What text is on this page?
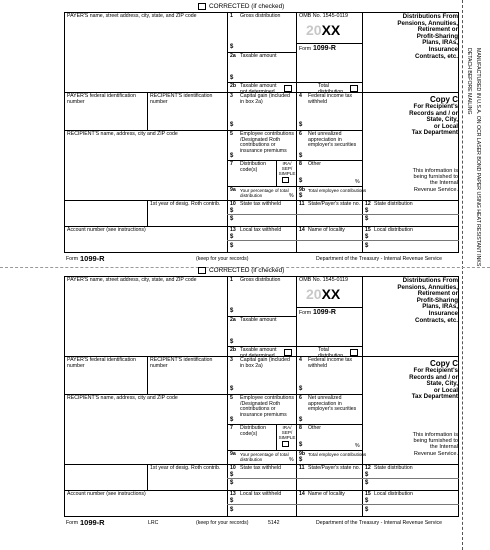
DETACH BEFORE MAILING MANUFACTURED IN U.S.A. ON OCR LASER BOND PAPER USING HEAT RESISTANT INKS
CORRECTED (if checked)
PAYER'S name, street address, city, state, and ZIP code
PAYER'S federal identification
number
RECIPIENT'S identification
number
RECIPIENT'S name, address, city and ZIP code
1st year of desig. Roth contrib.
Account number (see instructions)
1 Gross distribution
$
2a Taxable amount
$
2b Taxable amount
not determined
Total
distribution
OMB No. 1545-0119
20XX
Form 1099-R
Distributions From
Pensions, Annuities,
Retirement or
Profit-Sharing
Plans, IRAs,
Insurance
Contracts, etc.
Copy C
For Recipient's
Records and / or
State, City,
or Local
Tax Department
This information is
being furnished to
the Internal
Revenue Service.
3 Capital gain (included
in box 2a)
$
4 Federal income tax
withheld
$
5 Employee contributions
/Designated Roth
contributions or
insurance premiums
$
6 Net unrealized
appreciation in
employer's securities
$
7 Distribution
code(s)
IRA/
SEP/
SIMPLE
8 Other
$	%
9a Your percentage of total
distribution	%
9b Total employee contributions
$
10 State tax withheld
$
$
11 State/Payer's state no. 12 State distribution
$
$
13 Local tax withheld
$
$
14 Name of locality	15 Local distribution
$
$
Form 1099-R	(keep for your records)	Department of the Treasury - Internal Revenue Service
CORRECTED (if checked)
PAYER'S name, street address, city, state, and ZIP code
PAYER'S federal identification
number
RECIPIENT'S identification
number
RECIPIENT'S name, address, city and ZIP code
1st year of desig. Roth contrib.
Account number (see instructions)
1 Gross distribution
$
2a Taxable amount
$
2b Taxable amount
not determined
Total
distribution
OMB No. 1545-0119
20XX
Form 1099-R
Distributions From
Pensions, Annuities,
Retirement or
Profit-Sharing
Plans, IRAs,
Insurance
Contracts, etc.
Copy C
For Recipient's
Records and / or
State, City,
or Local
Tax Department
This information is
being furnished to
the Internal
Revenue Service.
3 Capital gain (included
in box 2a)
$
4 Federal income tax
withheld
$
5 Employee contributions
/Designated Roth
contributions or
insurance premiums
$
6 Net unrealized
appreciation in
employer's securities
$
7 Distribution
code(s)
IRA/
SEP/
SIMPLE
8 Other
$	%
9a Your percentage of total
distribution	%
9b Total employee contributions
$
10 State tax withheld
$
$
11 State/Payer's state no. 12 State distribution
$
$
13 Local tax withheld
$
$
14 Name of locality	15 Local distribution
$
$
Form 1099-R	LRC	(keep for your records)	5142	Department of the Treasury - Internal Revenue Service
